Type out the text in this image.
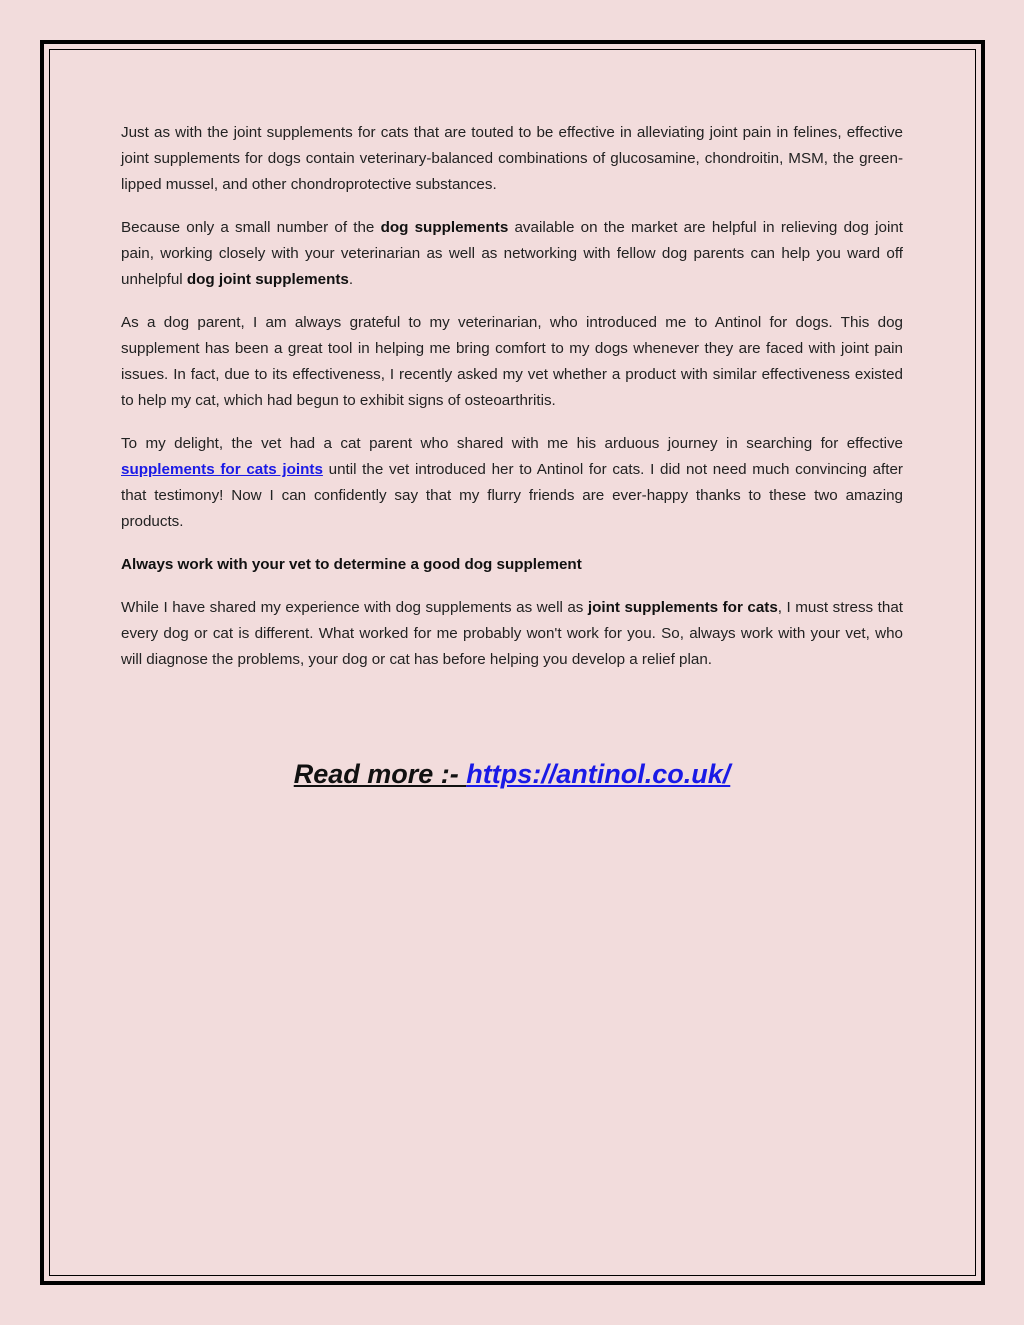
Just as with the joint supplements for cats that are touted to be effective in alleviating joint pain in felines, effective joint supplements for dogs contain veterinary-balanced combinations of glucosamine, chondroitin, MSM, the green-lipped mussel, and other chondroprotective substances.

Because only a small number of the dog supplements available on the market are helpful in relieving dog joint pain, working closely with your veterinarian as well as networking with fellow dog parents can help you ward off unhelpful dog joint supplements.

As a dog parent, I am always grateful to my veterinarian, who introduced me to Antinol for dogs. This dog supplement has been a great tool in helping me bring comfort to my dogs whenever they are faced with joint pain issues. In fact, due to its effectiveness, I recently asked my vet whether a product with similar effectiveness existed to help my cat, which had begun to exhibit signs of osteoarthritis.

To my delight, the vet had a cat parent who shared with me his arduous journey in searching for effective supplements for cats joints until the vet introduced her to Antinol for cats. I did not need much convincing after that testimony! Now I can confidently say that my flurry friends are ever-happy thanks to these two amazing products.

Always work with your vet to determine a good dog supplement

While I have shared my experience with dog supplements as well as joint supplements for cats, I must stress that every dog or cat is different. What worked for me probably won't work for you. So, always work with your vet, who will diagnose the problems, your dog or cat has before helping you develop a relief plan.

Read more :- https://antinol.co.uk/
